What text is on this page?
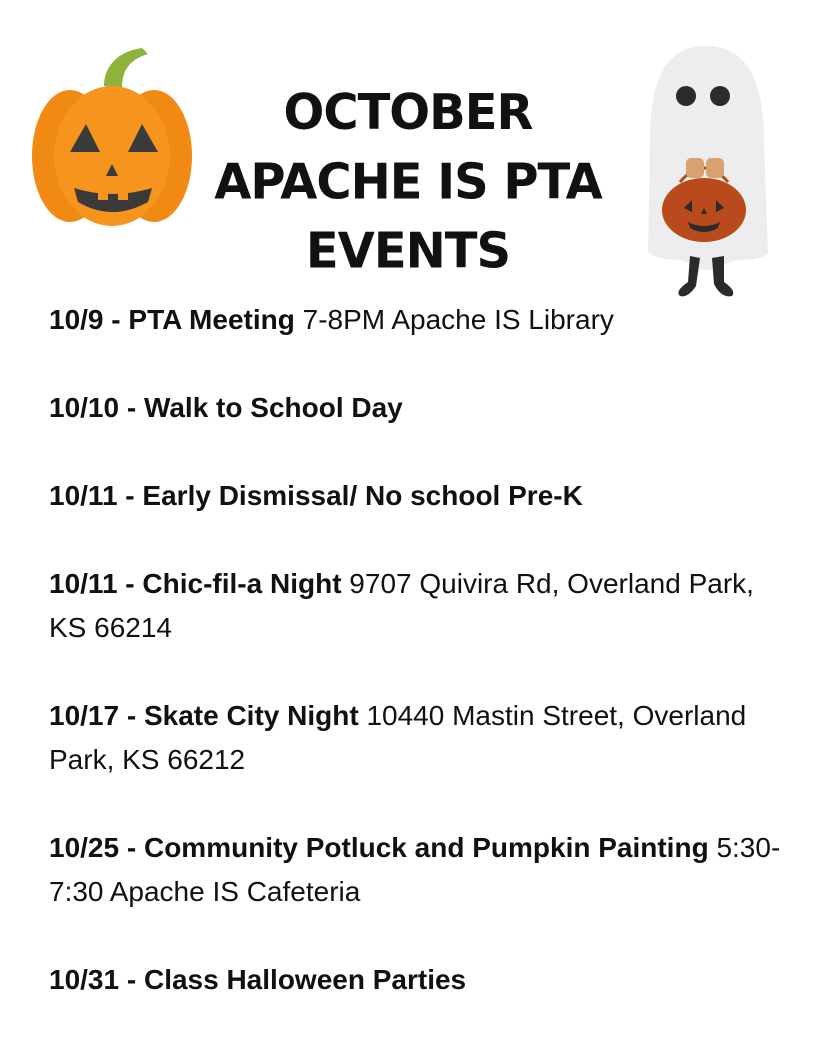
OCTOBER
APACHE IS PTA
EVENTS
10/9 - PTA Meeting 7-8PM Apache IS Library
10/10 - Walk to School Day
10/11 - Early Dismissal/ No school Pre-K
10/11 - Chic-fil-a Night 9707 Quivira Rd, Overland Park, KS 66214
10/17 - Skate City Night 10440 Mastin Street, Overland Park, KS 66212
10/25 - Community Potluck and Pumpkin Painting 5:30-7:30 Apache IS Cafeteria
10/31 - Class Halloween Parties
